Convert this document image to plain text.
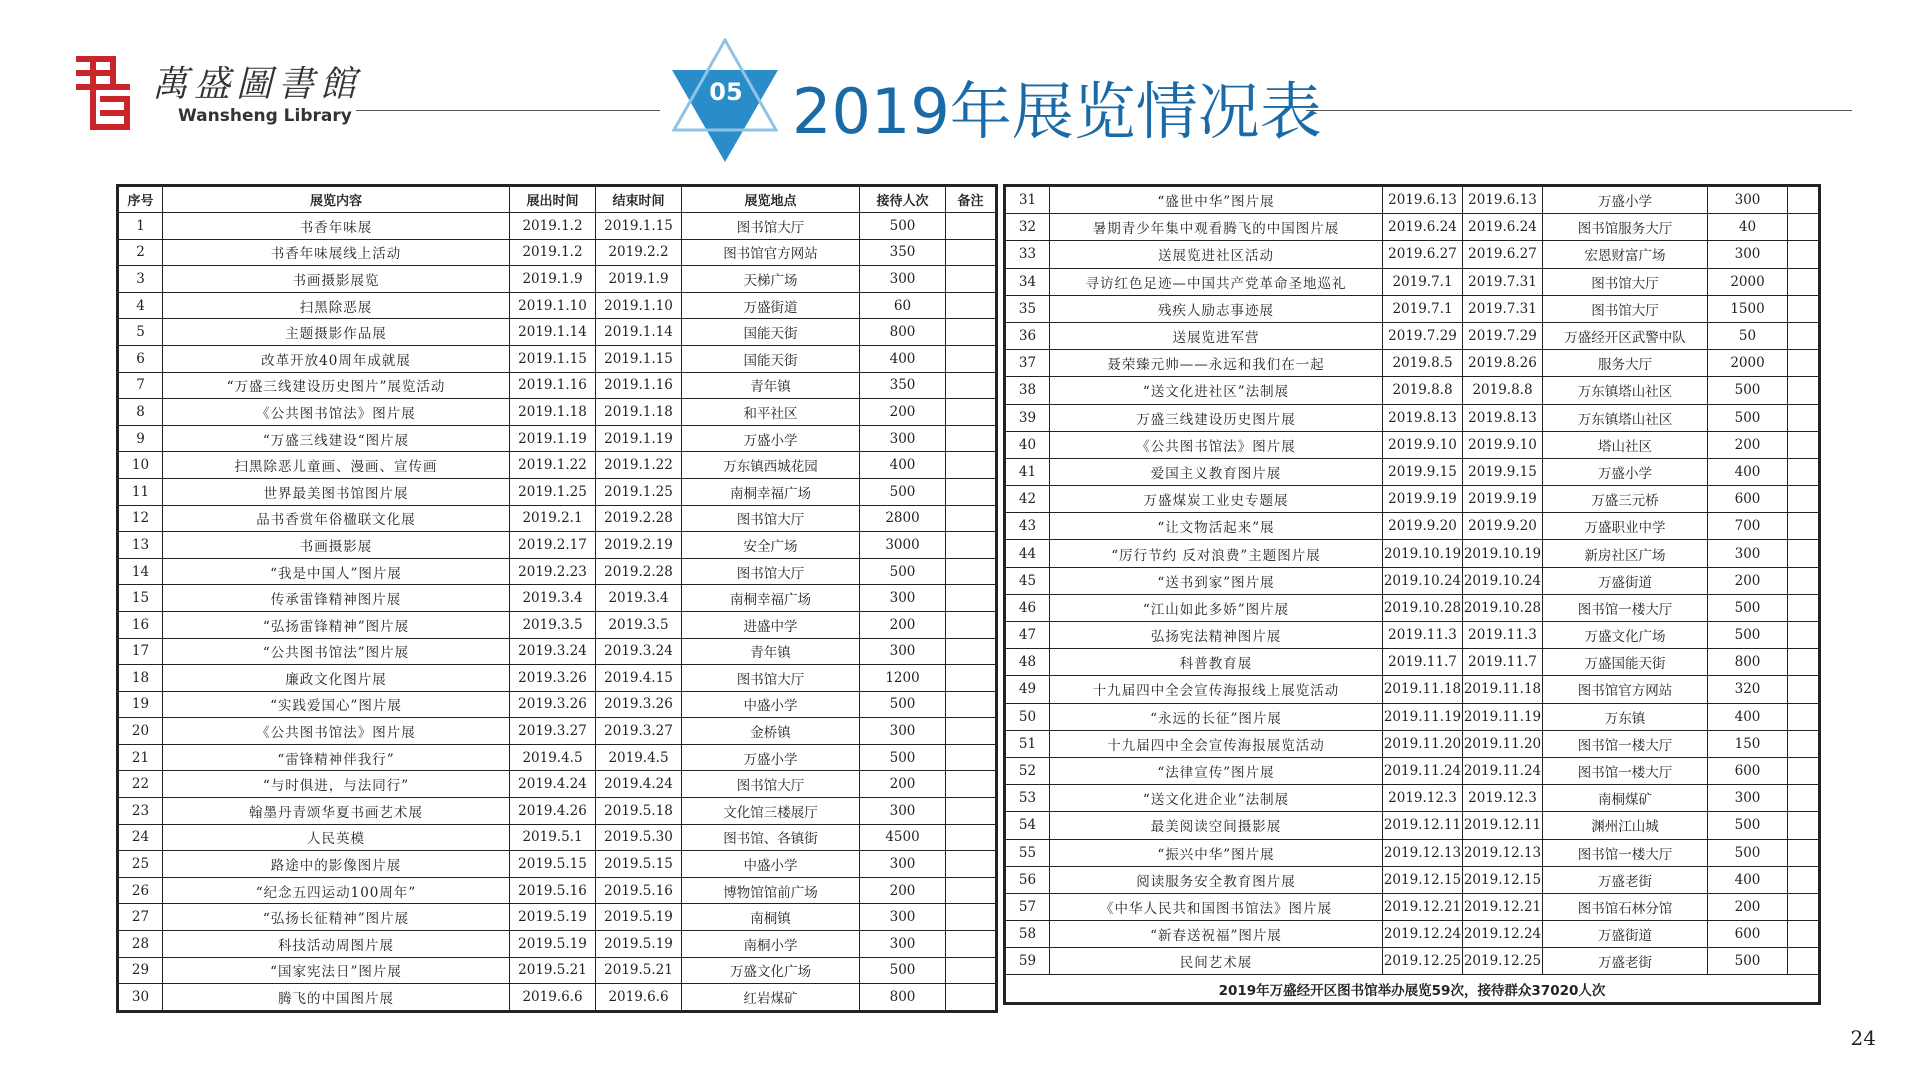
萬盛圖書館
Wansheng Library
05 2019年展览情况表
序号	展览内容	展出时间	结束时间	展览地点	接待人次	备注
1	书香年味展	2019.1.2	2019.1.15	图书馆大厅	500	
2	书香年味展线上活动	2019.1.2	2019.2.2	图书馆官方网站	350	
3	书画摄影展览	2019.1.9	2019.1.9	天梯广场	300	
4	扫黑除恶展	2019.1.10	2019.1.10	万盛街道	60	
5	主题摄影作品展	2019.1.14	2019.1.14	国能天街	800	
6	改革开放40周年成就展	2019.1.15	2019.1.15	国能天街	400	
7	“万盛三线建设历史图片”展览活动	2019.1.16	2019.1.16	青年镇	350	
8	《公共图书馆法》图片展	2019.1.18	2019.1.18	和平社区	200	
9	“万盛三线建设“图片展	2019.1.19	2019.1.19	万盛小学	300	
10	扫黑除恶儿童画、漫画、宣传画	2019.1.22	2019.1.22	万东镇西城花园	400	
11	世界最美图书馆图片展	2019.1.25	2019.1.25	南桐幸福广场	500	
12	品书香赏年俗楹联文化展	2019.2.1	2019.2.28	图书馆大厅	2800	
13	书画摄影展	2019.2.17	2019.2.19	安全广场	3000	
14	“我是中国人”图片展	2019.2.23	2019.2.28	图书馆大厅	500	
15	传承雷锋精神图片展	2019.3.4	2019.3.4	南桐幸福广场	300	
16	“弘扬雷锋精神”图片展	2019.3.5	2019.3.5	进盛中学	200	
17	“公共图书馆法”图片展	2019.3.24	2019.3.24	青年镇	300	
18	廉政文化图片展	2019.3.26	2019.4.15	图书馆大厅	1200	
19	“实践爱国心”图片展	2019.3.26	2019.3.26	中盛小学	500	
20	《公共图书馆法》图片展	2019.3.27	2019.3.27	金桥镇	300	
21	“雷锋精神伴我行”	2019.4.5	2019.4.5	万盛小学	500	
22	“与时俱进，与法同行”	2019.4.24	2019.4.24	图书馆大厅	200	
23	翰墨丹青颂华夏书画艺术展	2019.4.26	2019.5.18	文化馆三楼展厅	300	
24	人民英模	2019.5.1	2019.5.30	图书馆、各镇街	4500	
25	路途中的影像图片展	2019.5.15	2019.5.15	中盛小学	300	
26	“纪念五四运动100周年”	2019.5.16	2019.5.16	博物馆馆前广场	200	
27	“弘扬长征精神”图片展	2019.5.19	2019.5.19	南桐镇	300	
28	科技活动周图片展	2019.5.19	2019.5.19	南桐小学	300	
29	“国家宪法日”图片展	2019.5.21	2019.5.21	万盛文化广场	500	
30	腾飞的中国图片展	2019.6.6	2019.6.6	红岩煤矿	800	
31	“盛世中华”图片展	2019.6.13	2019.6.13	万盛小学	300	
32	暑期青少年集中观看腾飞的中国图片展	2019.6.24	2019.6.24	图书馆服务大厅	40	
33	送展览进社区活动	2019.6.27	2019.6.27	宏恩财富广场	300	
34	寻访红色足迹—中国共产党革命圣地巡礼	2019.7.1	2019.7.31	图书馆大厅	2000	
35	残疾人励志事迹展	2019.7.1	2019.7.31	图书馆大厅	1500	
36	送展览进军营	2019.7.29	2019.7.29	万盛经开区武警中队	50	
37	聂荣臻元帅——永远和我们在一起	2019.8.5	2019.8.26	服务大厅	2000	
38	“送文化进社区”法制展	2019.8.8	2019.8.8	万东镇塔山社区	500	
39	万盛三线建设历史图片展	2019.8.13	2019.8.13	万东镇塔山社区	500	
40	《公共图书馆法》图片展	2019.9.10	2019.9.10	塔山社区	200	
41	爱国主义教育图片展	2019.9.15	2019.9.15	万盛小学	400	
42	万盛煤炭工业史专题展	2019.9.19	2019.9.19	万盛三元桥	600	
43	“让文物活起来”展	2019.9.20	2019.9.20	万盛职业中学	700	
44	“厉行节约 反对浪费”主题图片展	2019.10.19	2019.10.19	新房社区广场	300	
45	“送书到家”图片展	2019.10.24	2019.10.24	万盛街道	200	
46	“江山如此多娇”图片展	2019.10.28	2019.10.28	图书馆一楼大厅	500	
47	弘扬宪法精神图片展	2019.11.3	2019.11.3	万盛文化广场	500	
48	科普教育展	2019.11.7	2019.11.7	万盛国能天街	800	
49	十九届四中全会宣传海报线上展览活动	2019.11.18	2019.11.18	图书馆官方网站	320	
50	“永远的长征”图片展	2019.11.19	2019.11.19	万东镇	400	
51	十九届四中全会宣传海报展览活动	2019.11.20	2019.11.20	图书馆一楼大厅	150	
52	“法律宣传”图片展	2019.11.24	2019.11.24	图书馆一楼大厅	600	
53	“送文化进企业”法制展	2019.12.3	2019.12.3	南桐煤矿	300	
54	最美阅读空间摄影展	2019.12.11	2019.12.11	渊州江山城	500	
55	“振兴中华”图片展	2019.12.13	2019.12.13	图书馆一楼大厅	500	
56	阅读服务安全教育图片展	2019.12.15	2019.12.15	万盛老街	400	
57	《中华人民共和国图书馆法》图片展	2019.12.21	2019.12.21	图书馆石林分馆	200	
58	“新春送祝福”图片展	2019.12.24	2019.12.24	万盛街道	600	
59	民间艺术展	2019.12.25	2019.12.25	万盛老街	500	
2019年万盛经开区图书馆举办展览59次，接待群众37020人次						
24
